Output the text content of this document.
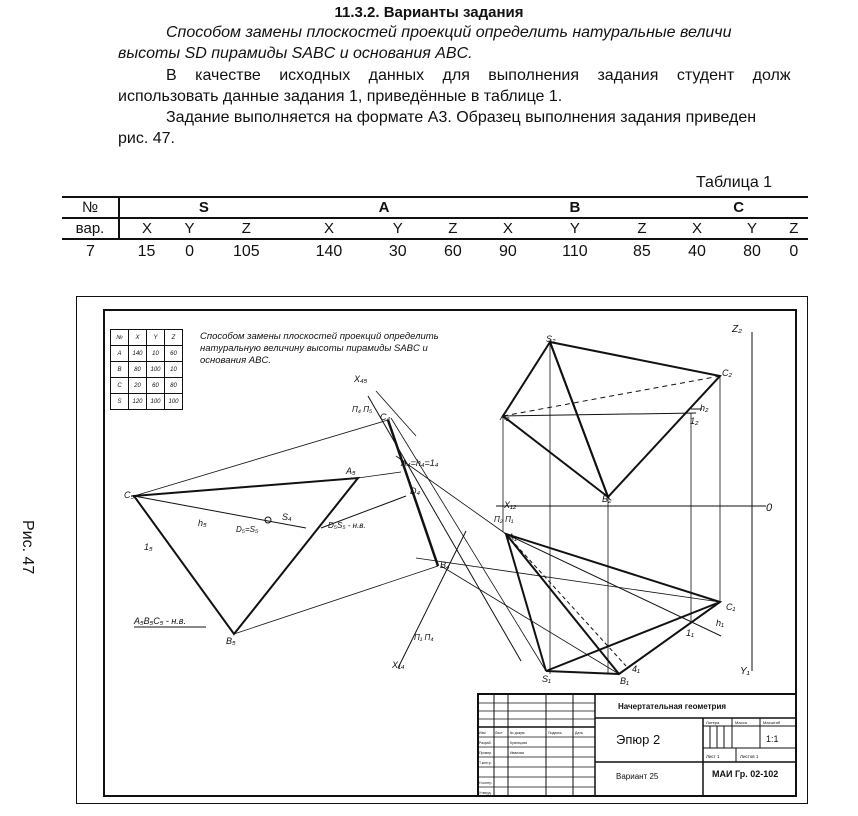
11.3.2. Варианты задания
Способом замены плоскостей проекций определить натуральные величи
высоты SD пирамиды SABC и основания ABC.
В качестве исходных данных для выполнения задания студент долж
использовать данные задания 1, приведённые в таблице 1.
Задание выполняется на формате А3. Образец выполнения задания приведен
рис. 47.
Таблица 1
№	S			A			B			C		
вар.	X	Y	Z	X	Y	Z	X	Y	Z	X	Y	Z
7	15	0	105	140	30	60	90	110	85	40	80	0
Рис. 47
Z₂
Y₁
0
X₁₂
X₄₅
X₁₄
S₂
A₂
C₂
B₂
h₂
1₂
S₁
A₁
C₁
B₁
h₁
1₁
4₁
C₄
A₄=h₄=1₄
B₄
D₄
S₄
C₅
A₅
B₅
h₅
1₅
D₅=S₅	D₅S₅ - н.в.
A₅B₅C₅ - н.в.
П₂ П₁
П₄ П₅
П₁ П₄
Начертательная геометрия
Эпюр 2
Вариант 25	МАИ Гр. 02-102
1:1
Литера	Масса	Масштаб
Лист 1	Листов 1
Изм	Лист № докум.	Подпись	Дата
Разраб.
Провер.
Т.контр.
Н.контр.
Утверд.
Кузнецова
Иванова
№	X	Y	Z
A	140	10	60
B	80	100	10
C	20	60	80
S	120	100	100
Способом замены плоскостей проекций определить
натуральную величину высоты пирамиды SABC и
основания ABC.
